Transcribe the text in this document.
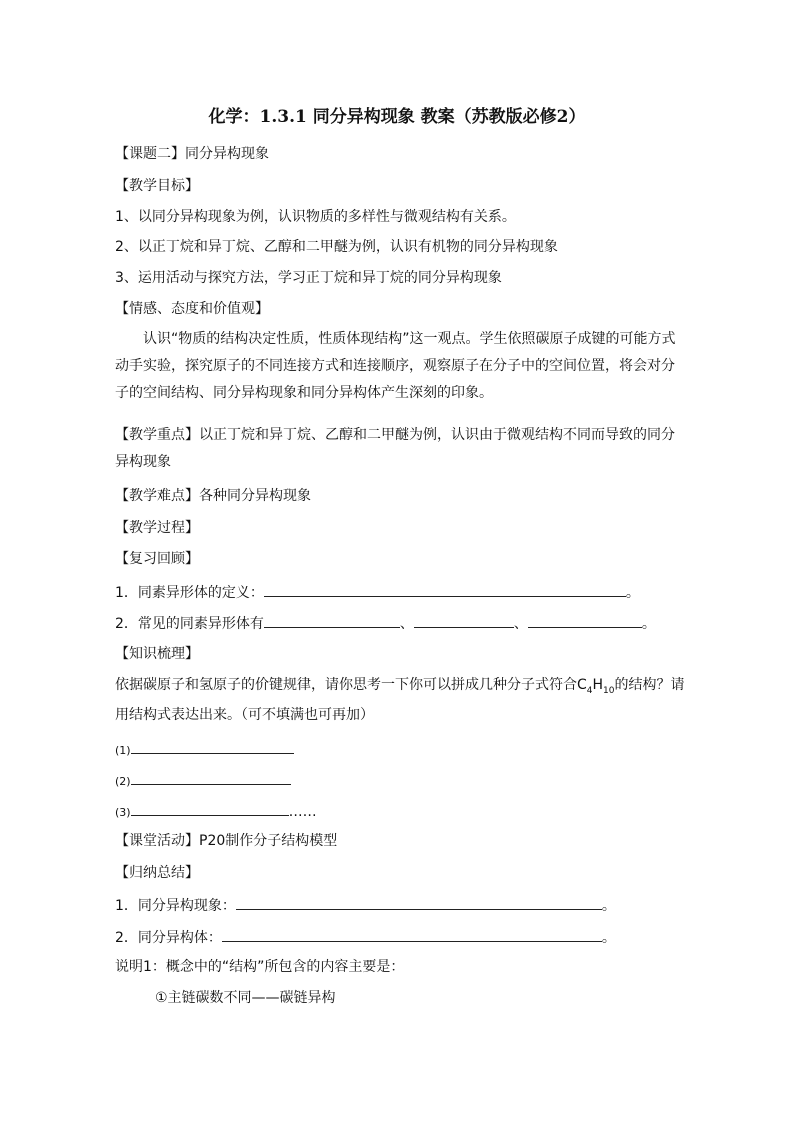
化学：1.3.1 同分异构现象 教案（苏教版必修2）
【课题二】同分异构现象
【教学目标】
1、以同分异构现象为例，认识物质的多样性与微观结构有关系。
2、以正丁烷和异丁烷、乙醇和二甲醚为例，认识有机物的同分异构现象
3、运用活动与探究方法，学习正丁烷和异丁烷的同分异构现象
【情感、态度和价值观】
认识“物质的结构决定性质，性质体现结构”这一观点。学生依照碳原子成键的可能方式动手实验，探究原子的不同连接方式和连接顺序，观察原子在分子中的空间位置，将会对分子的空间结构、同分异构现象和同分异构体产生深刻的印象。
【教学重点】以正丁烷和异丁烷、乙醇和二甲醚为例，认识由于微观结构不同而导致的同分异构现象
【教学难点】各种同分异构现象
【教学过程】
【复习回顾】
1．同素异形体的定义：	。
2．常见的同素异形体有	、	、	。
【知识梳理】
依据碳原子和氢原子的价键规律，请你思考一下你可以拼成几种分子式符合$C_4H_{10}$的结构？请
用结构式表达出来。（可不填满也可再加）
(1)
(2)
(3)	……
【课堂活动】P20制作分子结构模型
【归纳总结】
1．同分异构现象：	。
2．同分异构体：	。
说明1：概念中的“结构”所包含的内容主要是：
①主链碳数不同——碳链异构
